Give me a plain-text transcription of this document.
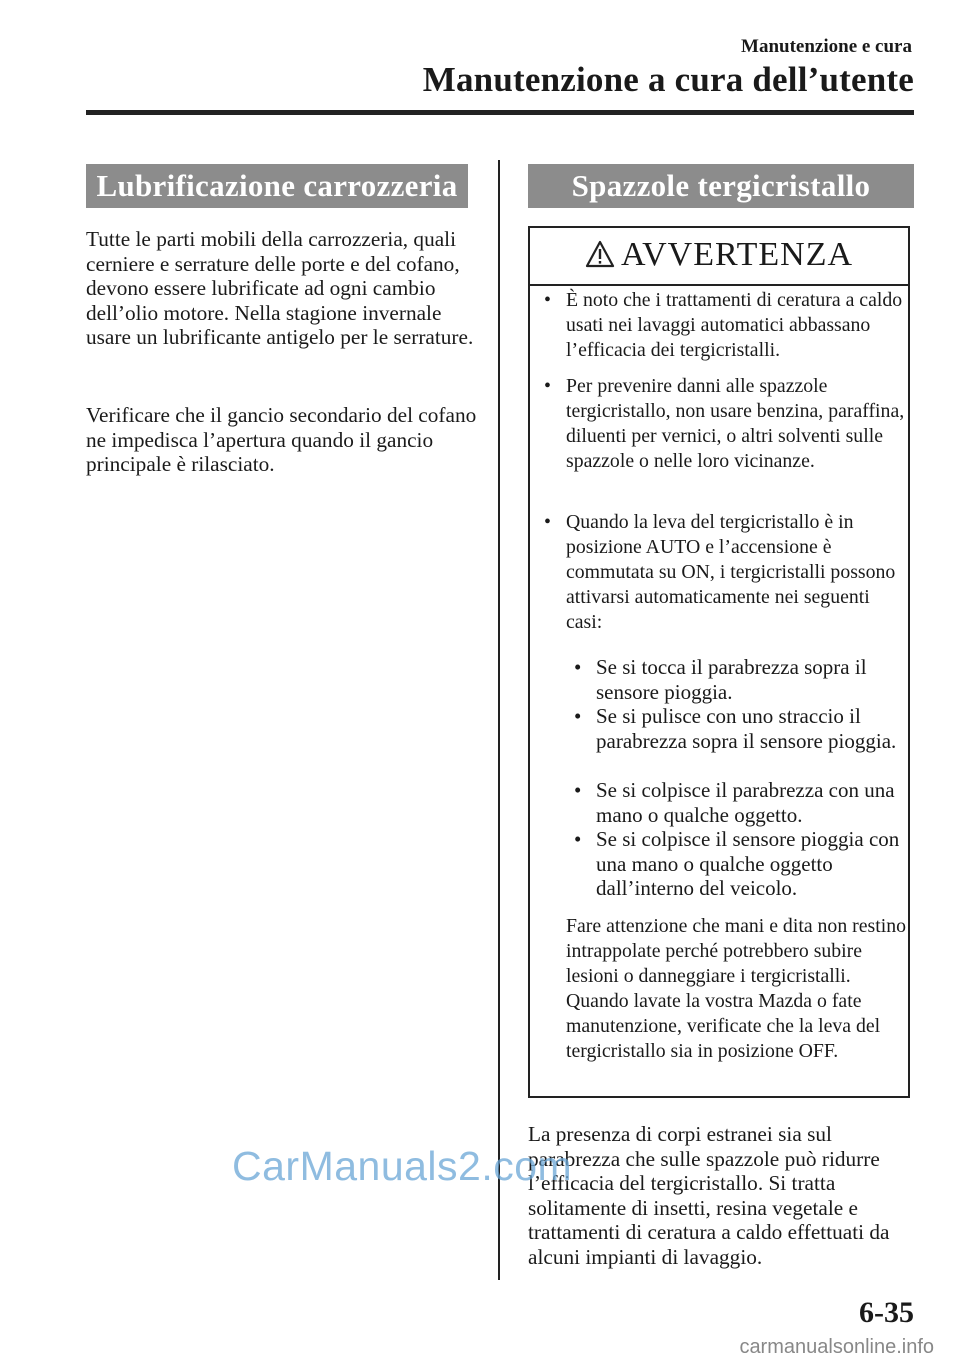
Manutenzione e cura
Manutenzione a cura dell’utente
Lubrificazione carrozzeria

Tutte le parti mobili della carrozzeria, quali cerniere e serrature delle porte e del cofano, devono essere lubrificate ad ogni cambio dell’olio motore. Nella stagione invernale usare un lubrificante antigelo per le serrature.

Verificare che il gancio secondario del cofano ne impedisca l’apertura quando il gancio principale è rilasciato.

Spazzole tergicristallo
AVVERTENZA
• È noto che i trattamenti di ceratura a caldo usati nei lavaggi automatici abbassano l’efficacia dei tergicristalli.
• Per prevenire danni alle spazzole tergicristallo, non usare benzina, paraffina, diluenti per vernici, o altri solventi sulle spazzole o nelle loro vicinanze.
• Quando la leva del tergicristallo è in posizione AUTO e l’accensione è commutata su ON, i tergicristalli possono attivarsi automaticamente nei seguenti casi:
• Se si tocca il parabrezza sopra il sensore pioggia.
• Se si pulisce con uno straccio il parabrezza sopra il sensore pioggia.
• Se si colpisce il parabrezza con una mano o qualche oggetto.
• Se si colpisce il sensore pioggia con una mano o qualche oggetto dall’interno del veicolo.
Fare attenzione che mani e dita non restino intrappolate perché potrebbero subire lesioni o danneggiare i tergicristalli. Quando lavate la vostra Mazda o fate manutenzione, verificate che la leva del tergicristallo sia in posizione OFF.

La presenza di corpi estranei sia sul parabrezza che sulle spazzole può ridurre l’efficacia del tergicristallo. Si tratta solitamente di insetti, resina vegetale e trattamenti di ceratura a caldo effettuati da alcuni impianti di lavaggio.

CarManuals2.com
6-35
carmanualsonline.info
